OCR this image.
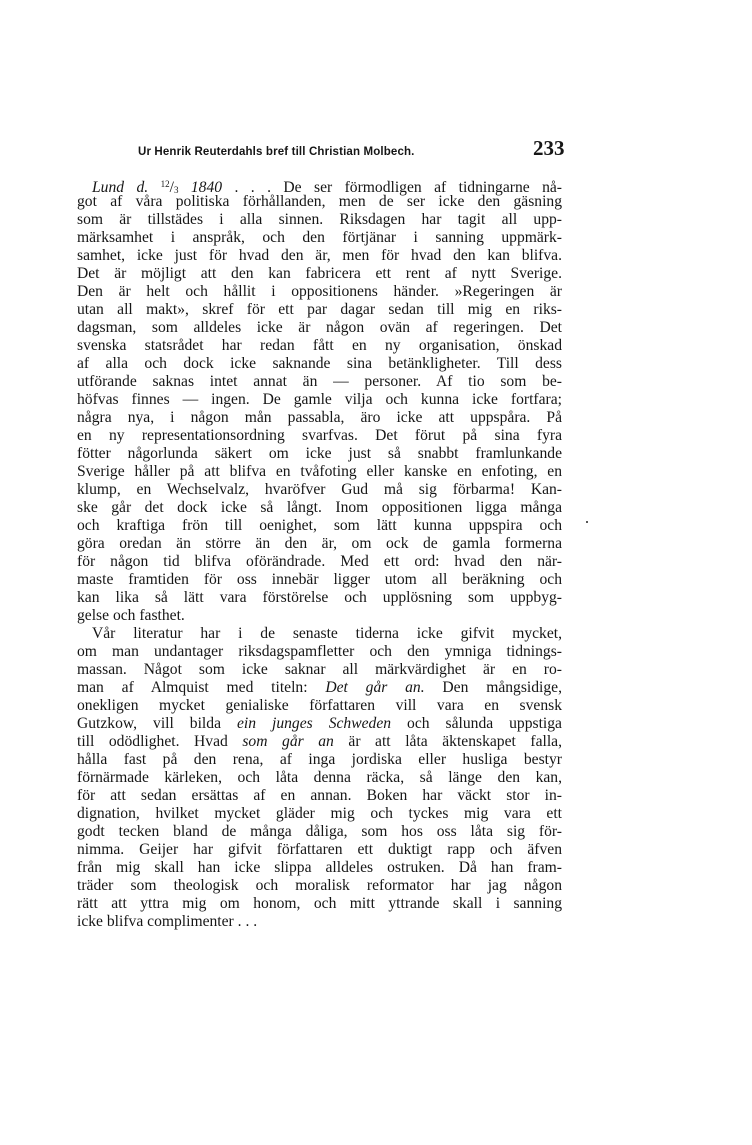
Ur Henrik Reuterdahls bref till Christian Molbech.	233
Lund d. $^{12}$/3 1840 . . . De ser förmodligen af tidningarne nå-
got af våra politiska förhållanden, men de ser icke den gäsning
som är tillstädes i alla sinnen. Riksdagen har tagit all upp-
märksamhet i anspråk, och den förtjänar i sanning uppmärk-
samhet, icke just för hvad den är, men för hvad den kan blifva.
Det är möjligt att den kan fabricera ett rent af nytt Sverige.
Den är helt och hållit i oppositionens händer. »Regeringen är
utan all makt», skref för ett par dagar sedan till mig en riks-
dagsman, som alldeles icke är någon ovän af regeringen. Det
svenska statsrådet har redan fått en ny organisation, önskad
af alla och dock icke saknande sina betänkligheter. Till dess
utförande saknas intet annat än — personer. Af tio som be-
höfvas finnes — ingen. De gamle vilja och kunna icke fortfara;
några nya, i någon mån passabla, äro icke att uppspåra. På
en ny representationsordning svarfvas. Det förut på sina fyra
fötter någorlunda säkert om icke just så snabbt framlunkande
Sverige håller på att blifva en tvåfoting eller kanske en enfoting, en
klump, en Wechselvalz, hvaröfver Gud må sig förbarma! Kan-
ske går det dock icke så långt. Inom oppositionen ligga många
och kraftiga frön till oenighet, som lätt kunna uppspira och
göra oredan än större än den är, om ock de gamla formerna
för någon tid blifva oförändrade. Med ett ord: hvad den när-
maste framtiden för oss innebär ligger utom all beräkning och
kan lika så lätt vara förstörelse och upplösning som uppbyg-
gelse och fasthet.
Vår literatur har i de senaste tiderna icke gifvit mycket,
om man undantager riksdagspamfletter och den ymniga tidnings-
massan. Något som icke saknar all märkvärdighet är en ro-
man af Almquist med titeln: Det går an. Den mångsidige,
onekligen mycket genialiske författaren vill vara en svensk
Gutzkow, vill bilda ein junges Schweden och sålunda uppstiga
till odödlighet. Hvad som går an är att låta äktenskapet falla,
hålla fast på den rena, af inga jordiska eller husliga bestyr
förnärmade kärleken, och låta denna räcka, så länge den kan,
för att sedan ersättas af en annan. Boken har väckt stor in-
dignation, hvilket mycket gläder mig och tyckes mig vara ett
godt tecken bland de många dåliga, som hos oss låta sig för-
nimma. Geijer har gifvit författaren ett duktigt rapp och äfven
från mig skall han icke slippa alldeles ostruken. Då han fram-
träder som theologisk och moralisk reformator har jag någon
rätt att yttra mig om honom, och mitt yttrande skall i sanning
icke blifva complimenter . . .
